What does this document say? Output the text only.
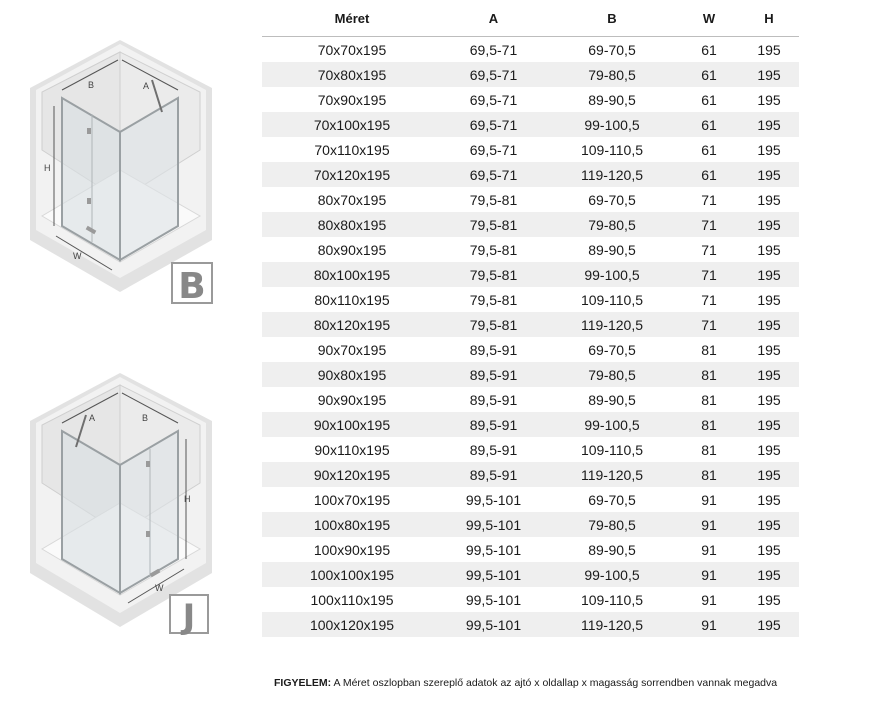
B	A
H
W
B
A	B
H
W
J
Méret	A	B	W	H
70x70x195	69,5-71	69-70,5	61	195
70x80x195	69,5-71	79-80,5	61	195
70x90x195	69,5-71	89-90,5	61	195
70x100x195	69,5-71	99-100,5	61	195
70x110x195	69,5-71	109-110,5	61	195
70x120x195	69,5-71	119-120,5	61	195
80x70x195	79,5-81	69-70,5	71	195
80x80x195	79,5-81	79-80,5	71	195
80x90x195	79,5-81	89-90,5	71	195
80x100x195	79,5-81	99-100,5	71	195
80x110x195	79,5-81	109-110,5	71	195
80x120x195	79,5-81	119-120,5	71	195
90x70x195	89,5-91	69-70,5	81	195
90x80x195	89,5-91	79-80,5	81	195
90x90x195	89,5-91	89-90,5	81	195
90x100x195	89,5-91	99-100,5	81	195
90x110x195	89,5-91	109-110,5	81	195
90x120x195	89,5-91	119-120,5	81	195
100x70x195	99,5-101	69-70,5	91	195
100x80x195	99,5-101	79-80,5	91	195
100x90x195	99,5-101	89-90,5	91	195
100x100x195	99,5-101	99-100,5	91	195
100x110x195	99,5-101	109-110,5	91	195
100x120x195	99,5-101	119-120,5	91	195
FIGYELEM: A Méret oszlopban szereplő adatok az ajtó x oldallap x magasság sorrendben vannak megadva
